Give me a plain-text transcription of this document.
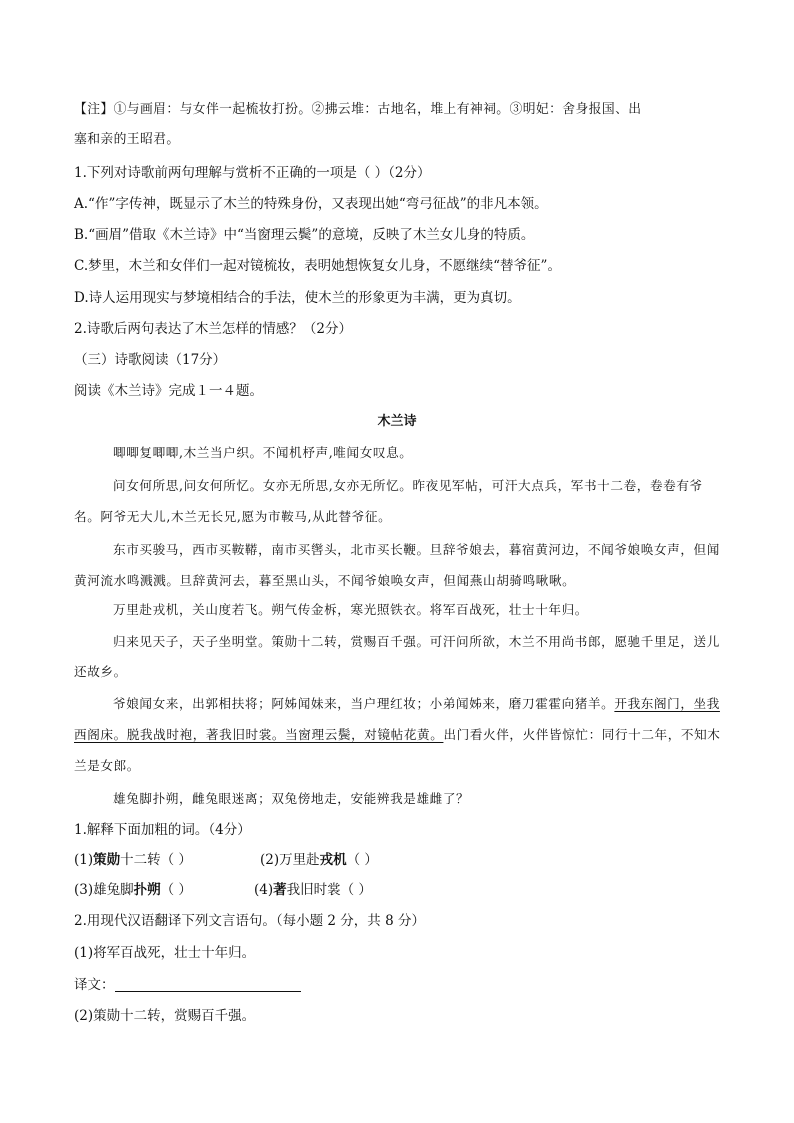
【注】①与画眉：与女伴一起梳妆打扮。②拂云堆：古地名，堆上有神祠。③明妃：舍身报国、出
塞和亲的王昭君。
1.下列对诗歌前两句理解与赏析不正确的一项是（ ）（2分）
A.“作”字传神，既显示了木兰的特殊身份，又表现出她“弯弓征战”的非凡本领。
B.“画眉”借取《木兰诗》中“当窗理云鬓”的意境，反映了木兰女儿身的特质。
C.梦里，木兰和女伴们一起对镜梳妆，表明她想恢复女儿身，不愿继续“替爷征”。
D.诗人运用现实与梦境相结合的手法，使木兰的形象更为丰满，更为真切。
2.诗歌后两句表达了木兰怎样的情感？（2分）
（三）诗歌阅读（17分）
阅读《木兰诗》完成１一４题。
木兰诗
唧唧复唧唧,木兰当户织。不闻机杼声,唯闻女叹息。
问女何所思,问女何所忆。女亦无所思,女亦无所忆。昨夜见军帖，可汗大点兵，军书十二卷，卷卷有爷
名。阿爷无大儿,木兰无长兄,愿为市鞍马,从此替爷征。
东市买骏马，西市买鞍鞯，南市买辔头，北市买长鞭。旦辞爷娘去，暮宿黄河边，不闻爷娘唤女声，但闻
黄河流水鸣溅溅。旦辞黄河去，暮至黑山头，不闻爷娘唤女声，但闻燕山胡骑鸣啾啾。
万里赴戎机，关山度若飞。朔气传金柝，寒光照铁衣。将军百战死，壮士十年归。
归来见天子，天子坐明堂。策勋十二转，赏赐百千强。可汗问所欲，木兰不用尚书郎，愿驰千里足，送儿
还故乡。
爷娘闻女来，出郭相扶将；阿姊闻妹来，当户理红妆；小弟闻姊来，磨刀霍霍向猪羊。开我东阁门，坐我
西阁床。脱我战时袍，著我旧时裳。当窗理云鬓，对镜帖花黄。出门看火伴，火伴皆惊忙：同行十二年，不知木
兰是女郎。
雄兔脚扑朔，雌兔眼迷离；双兔傍地走，安能辨我是雄雌了？
1.解释下面加粗的词。（4分）
(1)策勋十二转（ ）	(2)万里赴戎机（ ）
(3)雄兔脚扑朔（ ）	(4)著我旧时裳（ ）
2.用现代汉语翻译下列文言语句。（每小题 2 分，共 8 分）
(1)将军百战死，壮士十年归。
译文：
(2)策勋十二转，赏赐百千强。
